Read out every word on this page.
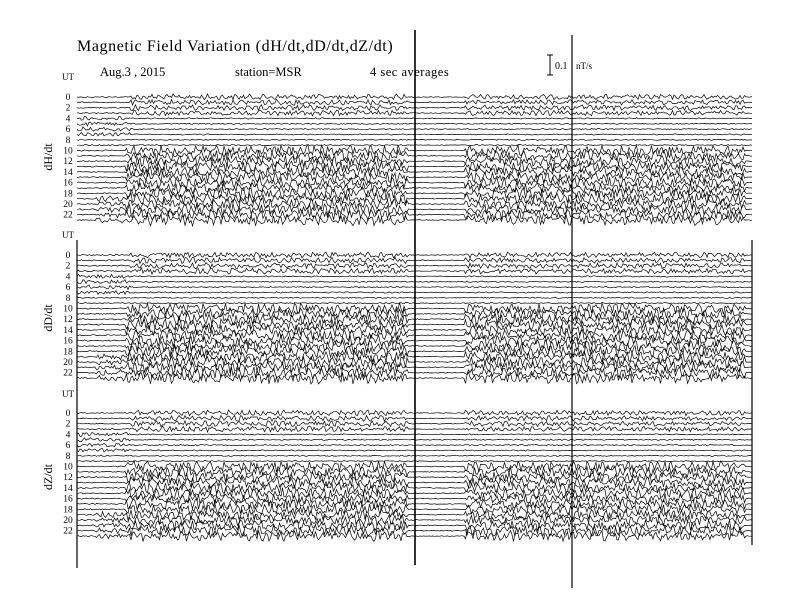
Magnetic Field Variation (dH/dt,dD/dt,dZ/dt)
Aug.3 , 2015	station=MSR	4 sec averages	0.1 nT/s
UT
dH/dt
0
2
4
6
8
10
12
14
16
18
20
22
UT
dD/dt
0
2
4
6
8
10
12
14
16
18
20
22
UT
dZ/dt
0
2
4
6
8
10
12
14
16
18
20
22
